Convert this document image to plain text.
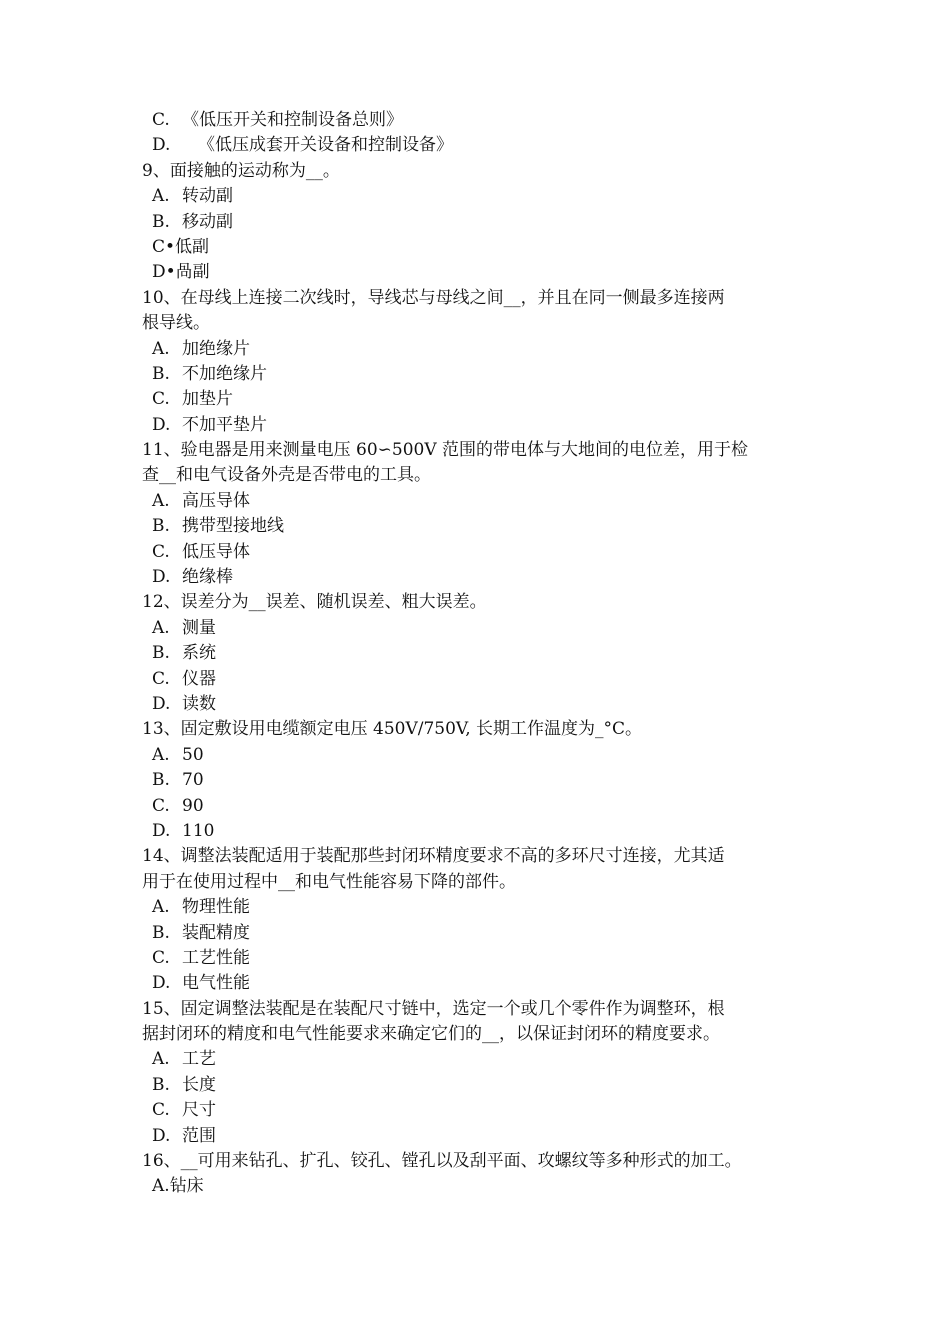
C. 《低压开关和控制设备总则》
D. 《低压成套开关设备和控制设备》
9、面接触的运动称为__。
A. 转动副
B. 移动副
C•低副
D•咼副
10、在母线上连接二次线时，导线芯与母线之间__，并且在同一侧最多连接两
根导线。
A. 加绝缘片
B. 不加绝缘片
C. 加垫片
D. 不加平垫片
11、验电器是用来测量电压 60∽500V 范围的带电体与大地间的电位差，用于检
查__和电气设备外壳是否带电的工具。
A. 高压导体
B. 携带型接地线
C. 低压导体
D. 绝缘棒
12、误差分为__误差、随机误差、粗大误差。
A. 测量
B. 系统
C. 仪器
D. 读数
13、固定敷设用电缆额定电压 450V/750V, 长期工作温度为_°C。
A. 50
B. 70
C. 90
D. 110
14、调整法装配适用于装配那些封闭环精度要求不高的多环尺寸连接，尤其适
用于在使用过程中__和电气性能容易下降的部件。
A. 物理性能
B. 装配精度
C. 工艺性能
D. 电气性能
15、固定调整法装配是在装配尺寸链中，选定一个或几个零件作为调整环，根
据封闭环的精度和电气性能要求来确定它们的__，以保证封闭环的精度要求。
A. 工艺
B. 长度
C. 尺寸
D. 范围
16、__可用来钻孔、扩孔、铰孔、镗孔以及刮平面、攻螺纹等多种形式的加工。
A.钻床
